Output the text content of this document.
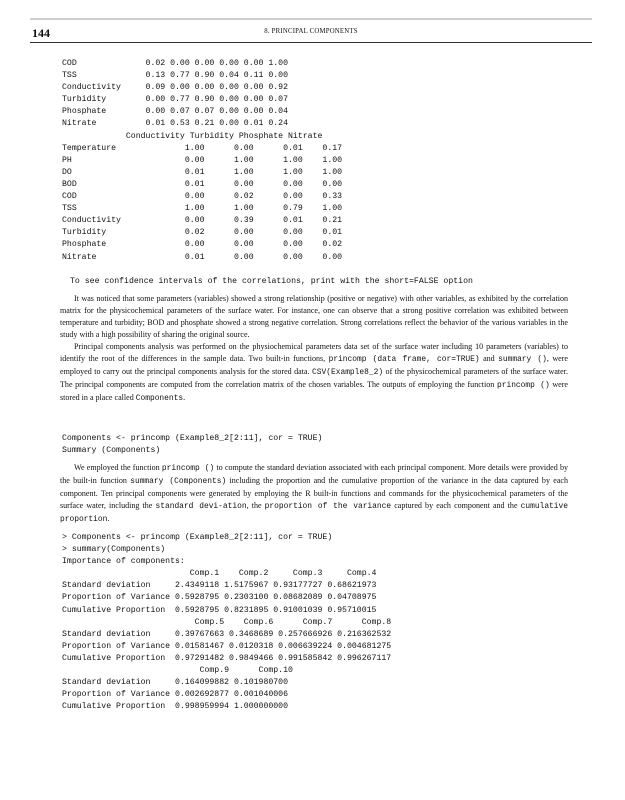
144	8. PRINCIPAL COMPONENTS
COD              0.02 0.00 0.00 0.00 0.00 1.00
TSS              0.13 0.77 0.90 0.04 0.11 0.00
Conductivity     0.09 0.00 0.00 0.00 0.00 0.92
Turbidity        0.00 0.77 0.90 0.00 0.00 0.07
Phosphate        0.00 0.07 0.07 0.00 0.00 0.04
Nitrate          0.01 0.53 0.21 0.00 0.01 0.24
Conductivity Turbidity Phosphate Nitrate
Temperature              1.00      0.00      0.01    0.17
PH                       0.00      1.00      1.00    1.00
DO                       0.01      1.00      1.00    1.00
BOD                      0.01      0.00      0.00    0.00
COD                      0.00      0.02      0.00    0.33
TSS                      1.00      1.00      0.79    1.00
Conductivity             0.00      0.39      0.01    0.21
Turbidity                0.02      0.00      0.00    0.01
Phosphate                0.00      0.00      0.00    0.02
Nitrate                  0.01      0.00      0.00    0.00
To see confidence intervals of the correlations, print with the short=FALSE option

It was noticed that some parameters (variables) showed a strong relationship (positive or negative) with other variables, as exhibited by the correlation matrix for the physicochemical parameters of the surface water. For instance, one can observe that a strong positive correlation was exhibited between temperature and turbidity; BOD and phosphate showed a strong negative correlation. Strong correlations reflect the behavior of the various variables in the study with a high possibility of sharing the original source.

Principal components analysis was performed on the physiochemical parameters data set of the surface water including 10 parameters (variables) to identify the root of the differences in the sample data. Two built-in functions, princomp (data frame, cor=TRUE) and summary (), were employed to carry out the principal components analysis for the stored data. CSV(Example8_2) of the physicochemical parameters of the surface water. The principal components are computed from the correlation matrix of the chosen variables. The outputs of employing the function princomp () were stored in a place called Components.

Components <- princomp (Example8_2[2:11], cor = TRUE)
Summary (Components)

We employed the function princomp () to compute the standard deviation associated with each principal component. More details were provided by the built-in function summary (Components) including the proportion and the cumulative proportion of the variance in the data captured by each component. Ten principal components were generated by employing the R built-in functions and commands for the physicochemical parameters of the surface water, including the standard devi-ation, the proportion of the variance captured by each component and the cumulative proportion.

> Components <- princomp (Example8_2[2:11], cor = TRUE)
> summary(Components)
Importance of components:
Comp.1    Comp.2     Comp.3     Comp.4
Standard deviation     2.4349118 1.5175967 0.93177727 0.68621973
Proportion of Variance 0.5928795 0.2303100 0.08682089 0.04708975
Cumulative Proportion  0.5928795 0.8231895 0.91001039 0.95710015
Comp.5    Comp.6      Comp.7      Comp.8
Standard deviation     0.39767663 0.3468689 0.257666926 0.216362532
Proportion of Variance 0.01581467 0.0120318 0.006639224 0.004681275
Cumulative Proportion  0.97291482 0.9849466 0.991585842 0.996267117
Comp.9      Comp.10
Standard deviation     0.164099882 0.101980700
Proportion of Variance 0.002692877 0.001040006
Cumulative Proportion  0.998959994 1.000000000
